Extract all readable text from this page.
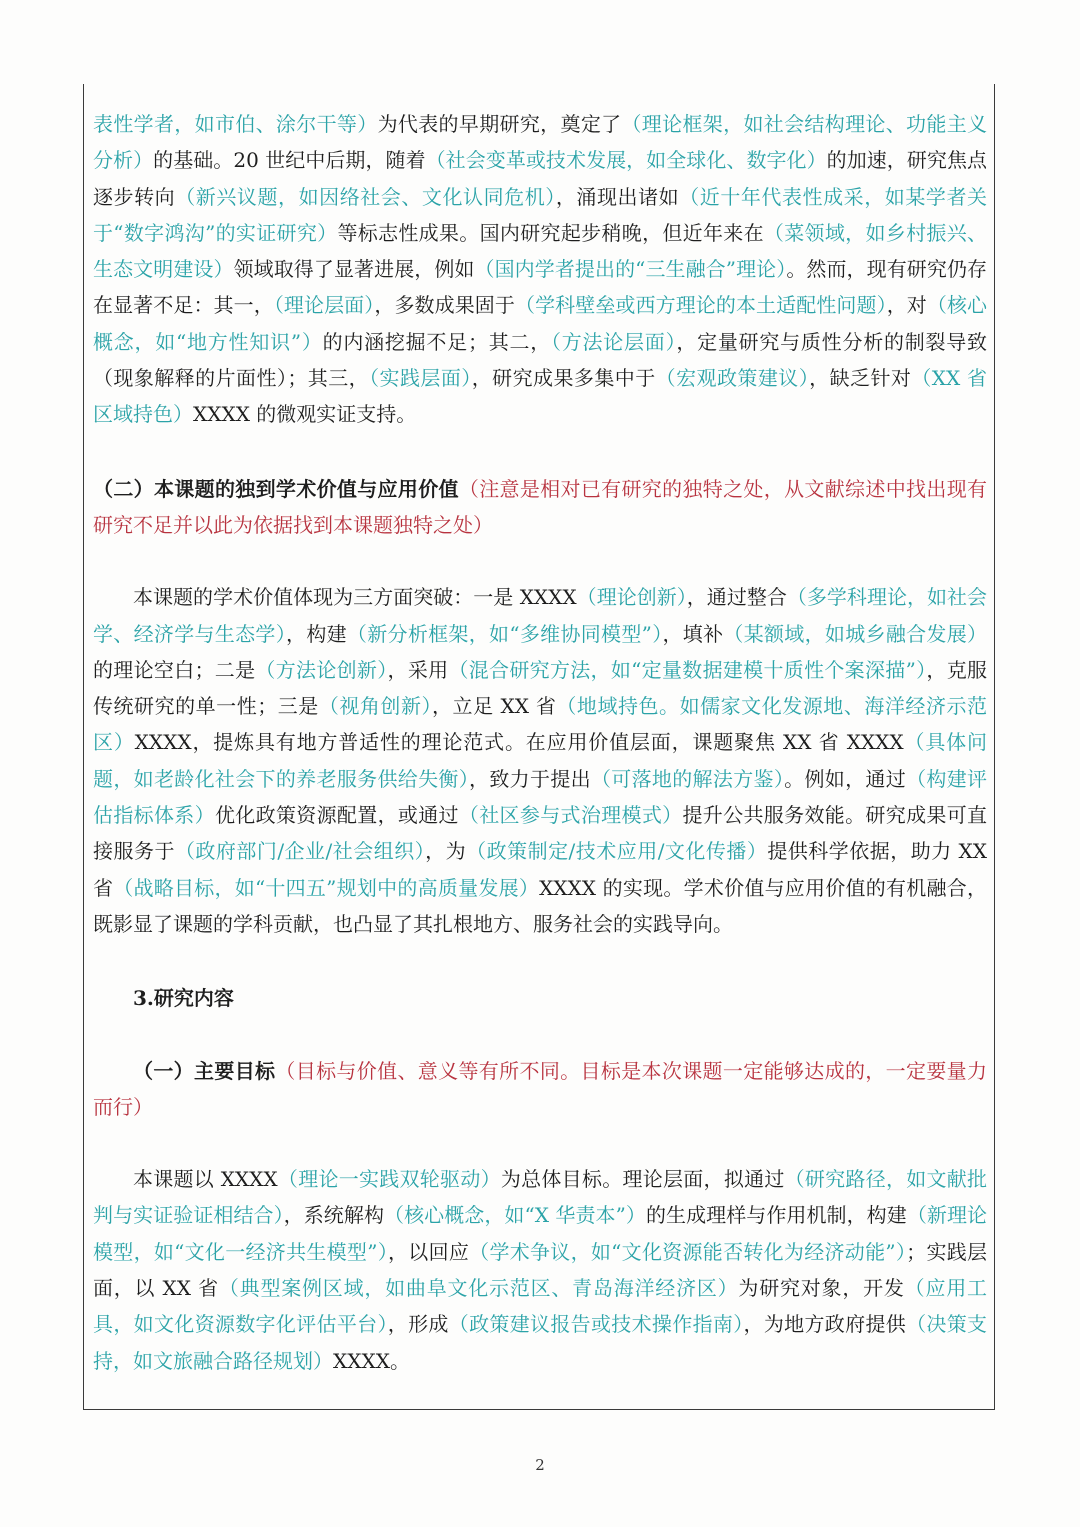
表性学者，如市伯、涂尔干等）为代表的早期研究，奠定了（理论框架，如社会结构理论、功能主义分析）的基础。20 世纪中后期，随着（社会变革或技术发展，如全球化、数字化）的加速，研究焦点逐步转向（新兴议题，如因络社会、文化认同危机），涌现出诸如（近十年代表性成采，如某学者关于“数字鸿沟”的实证研究）等标志性成果。国内研究起步稍晚，但近年来在（菜领域，如乡村振兴、生态文明建设）领域取得了显著进展，例如（国内学者提出的“三生融合”理论）。然而，现有研究仍存在显著不足：其一，（理论层面），多数成果固于（学科壁垒或西方理论的本土适配性问题），对（核心概念，如“地方性知识”）的内涵挖掘不足；其二，（方法论层面），定量研究与质性分析的制裂导致（现象解释的片面性）；其三，（实践层面），研究成果多集中于（宏观政策建议），缺乏针对（XX 省区域持色）XXXX 的微观实证支持。

（二）本课题的独到学术价值与应用价值（注意是相对已有研究的独特之处，从文献综述中找出现有研究不足并以此为依据找到本课题独特之处）

本课题的学术价值体现为三方面突破：一是 XXXX（理论创新），通过整合（多学科理论，如社会学、经济学与生态学），构建（新分析框架，如“多维协同模型”），填补（某额域，如城乡融合发展）的理论空白；二是（方法论创新），采用（混合研究方法，如“定量数据建模十质性个案深描”），克服传统研究的单一性；三是（视角创新），立足 XX 省（地域持色。如儒家文化发源地、海洋经济示范区）XXXX，提炼具有地方普适性的理论范式。在应用价值层面，课题聚焦 XX 省 XXXX（具体问题，如老龄化社会下的养老服务供给失衡），致力于提出（可落地的解法方鉴）。例如，通过（构建评估指标体系）优化政策资源配置，或通过（社区参与式治理模式）提升公共服务效能。研究成果可直接服务于（政府部门/企业/社会组织），为（政策制定/技术应用/文化传播）提供科学依据，助力 XX 省（战略目标，如“十四五”规划中的高质量发展）XXXX 的实现。学术价值与应用价值的有机融合，既影显了课题的学科贡献，也凸显了其扎根地方、服务社会的实践导向。

3.研究内容

（一）主要目标（目标与价值、意义等有所不同。目标是本次课题一定能够达成的，一定要量力而行）

本课题以 XXXX（理论一实践双轮驱动）为总体目标。理论层面，拟通过（研究路径，如文献批判与实证验证相结合），系统解构（核心概念，如“X 华责本”）的生成理样与作用机制，构建（新理论模型，如“文化一经济共生模型”），以回应（学术争议，如“文化资源能否转化为经济动能”）；实践层面，以 XX 省（典型案例区域，如曲阜文化示范区、青岛海洋经济区）为研究对象，开发（应用工具，如文化资源数字化评估平台），形成（政策建议报告或技术操作指南），为地方政府提供（决策支持，如文旅融合路径规划）XXXX。

2
